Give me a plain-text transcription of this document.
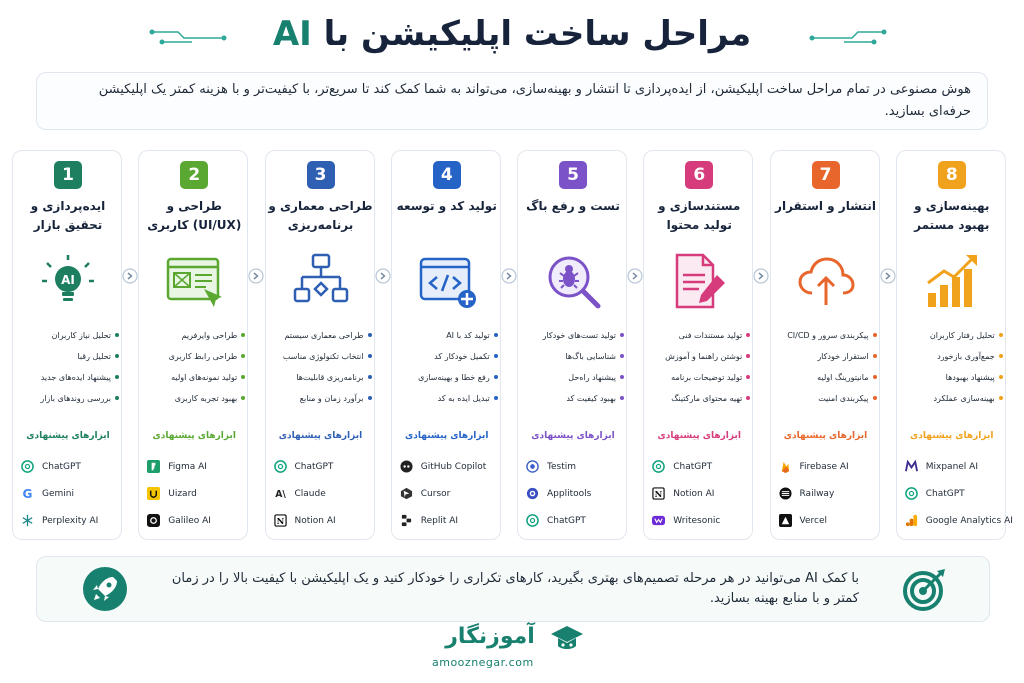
مراحل ساخت اپلیکیشن با AI
هوش مصنوعی در تمام مراحل ساخت اپلیکیشن، از ایده‌پردازی تا انتشار و بهینه‌سازی، می‌تواند به شما کمک کند تا سریع‌تر، با کیفیت‌تر و با هزینه کمتر یک اپلیکیشن حرفه‌ای بسازید.
1
ایده‌پردازی و تحقیق بازار
AI
تحلیل نیاز کاربران
تحلیل رقبا
پیشنهاد ایده‌های جدید
بررسی روندهای بازار
ابزارهای پیشنهادی
ChatGPT
G Gemini
Perplexity AI
2
طراحی و (UI/UX) کاربری
طراحی وایرفریم
طراحی رابط کاربری
تولید نمونه‌های اولیه
بهبود تجربه کاربری
ابزارهای پیشنهادی
Figma AI
Uizard
Galileo AI
3
طراحی معماری و برنامه‌ریزی
طراحی معماری سیستم
انتخاب تکنولوژی مناسب
برنامه‌ریزی قابلیت‌ها
برآورد زمان و منابع
ابزارهای پیشنهادی
ChatGPT
A\ Claude
N Notion AI
4
تولید کد و توسعه
تولید کد با AI
تکمیل خودکار کد
رفع خطا و بهینه‌سازی
تبدیل ایده به کد
ابزارهای پیشنهادی
GitHub Copilot
Cursor
Replit AI
5
تست و رفع باگ
تولید تست‌های خودکار
شناسایی باگ‌ها
پیشنهاد راه‌حل
بهبود کیفیت کد
ابزارهای پیشنهادی
Testim
Applitools
ChatGPT
6
مستندسازی و تولید محتوا
تولید مستندات فنی
نوشتن راهنما و آموزش
تولید توضیحات برنامه
تهیه محتوای مارکتینگ
ابزارهای پیشنهادی
ChatGPT
N Notion AI
Writesonic
7
انتشار و استقرار
پیکربندی سرور و CI/CD
استقرار خودکار
مانیتورینگ اولیه
پیکربندی امنیت
ابزارهای پیشنهادی
Firebase AI
Railway
Vercel
8
بهینه‌سازی و بهبود مستمر
تحلیل رفتار کاربران
جمع‌آوری بازخورد
پیشنهاد بهبودها
بهینه‌سازی عملکرد
ابزارهای پیشنهادی
Mixpanel AI
ChatGPT
Google Analytics AI
با کمک AI می‌توانید در هر مرحله تصمیم‌های بهتری بگیرید، کارهای تکراری را خودکار کنید و یک اپلیکیشن با کیفیت بالا را در زمان کمتر و با منابع بهینه بسازید.
آموزنگار
amooznegar.com
